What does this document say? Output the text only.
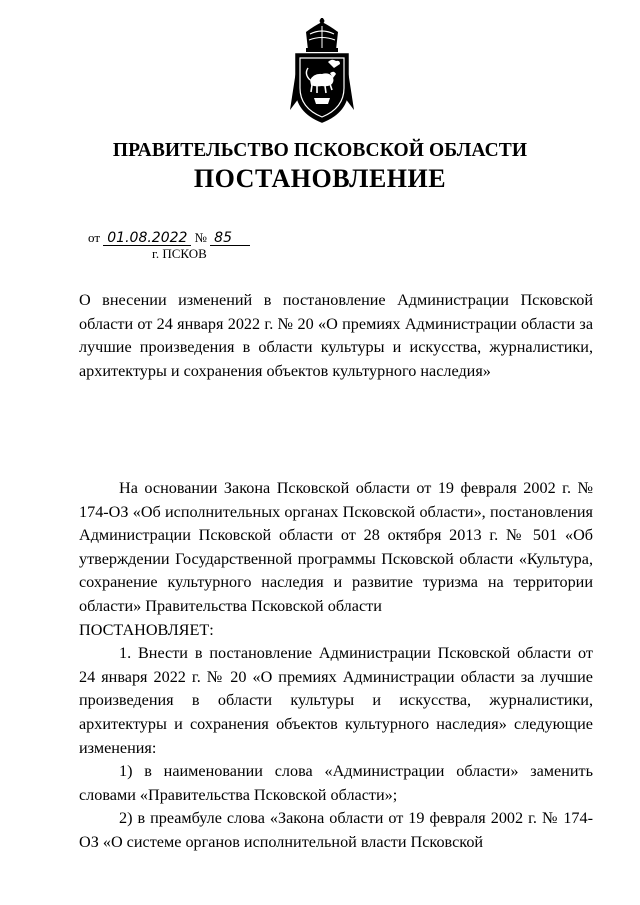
ПРАВИТЕЛЬСТВО ПСКОВСКОЙ ОБЛАСТИ
ПОСТАНОВЛЕНИЕ
от 01.08.2022 № 85
г. ПСКОВ

О внесении изменений в постановление Администрации Псковской области от 24 января 2022 г. № 20 «О премиях Администрации области за лучшие произведения в области культуры и искусства, журналистики, архитектуры и сохранения объектов культурного наследия»

На основании Закона Псковской области от 19 февраля 2002 г. № 174-ОЗ «Об исполнительных органах Псковской области», постановления Администрации Псковской области от 28 октября 2013 г. № 501 «Об утверждении Государственной программы Псковской области «Культура, сохранение культурного наследия и развитие туризма на территории области» Правительства Псковской области

ПОСТАНОВЛЯЕТ:

1. Внести в постановление Администрации Псковской области от 24 января 2022 г. № 20 «О премиях Администрации области за лучшие произведения в области культуры и искусства, журналистики, архитектуры и сохранения объектов культурного наследия» следующие изменения:

1) в наименовании слова «Администрации области» заменить словами «Правительства Псковской области»;

2) в преамбуле слова «Закона области от 19 февраля 2002 г. № 174-ОЗ «О системе органов исполнительной власти Псковской
